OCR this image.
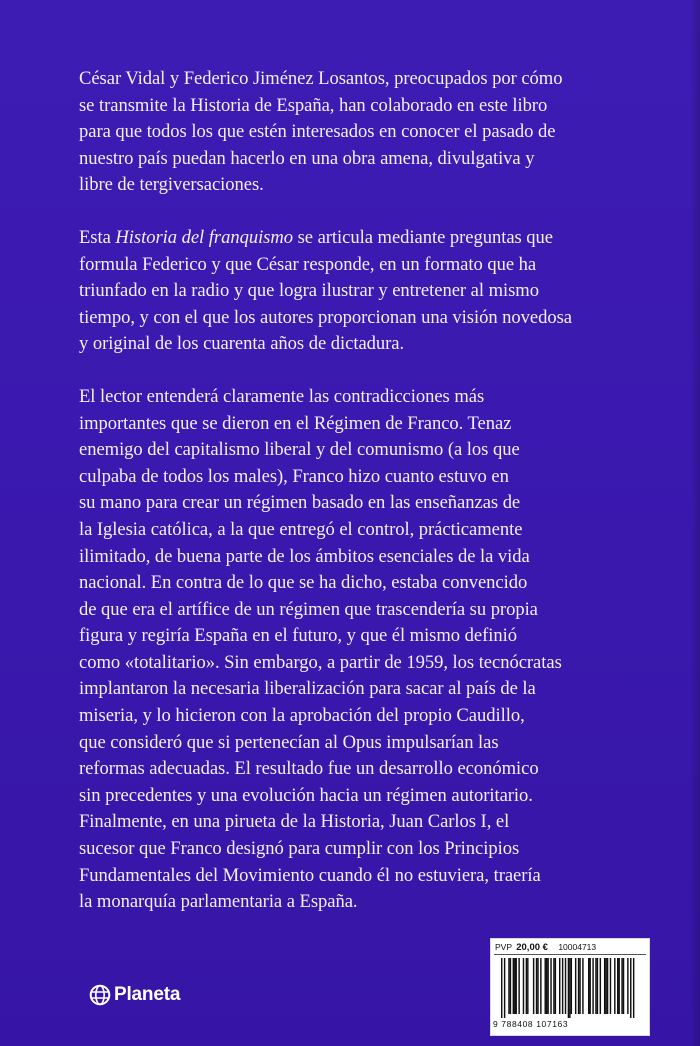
César Vidal y Federico Jiménez Losantos, preocupados por cómo
se transmite la Historia de España, han colaborado en este libro
para que todos los que estén interesados en conocer el pasado de
nuestro país puedan hacerlo en una obra amena, divulgativa y
libre de tergiversaciones.

Esta Historia del franquismo se articula mediante preguntas que
formula Federico y que César responde, en un formato que ha
triunfado en la radio y que logra ilustrar y entretener al mismo
tiempo, y con el que los autores proporcionan una visión novedosa
y original de los cuarenta años de dictadura.

El lector entenderá claramente las contradicciones más
importantes que se dieron en el Régimen de Franco. Tenaz
enemigo del capitalismo liberal y del comunismo (a los que
culpaba de todos los males), Franco hizo cuanto estuvo en
su mano para crear un régimen basado en las enseñanzas de
la Iglesia católica, a la que entregó el control, prácticamente
ilimitado, de buena parte de los ámbitos esenciales de la vida
nacional. En contra de lo que se ha dicho, estaba convencido
de que era el artífice de un régimen que trascendería su propia
figura y regiría España en el futuro, y que él mismo definió
como «totalitario». Sin embargo, a partir de 1959, los tecnócratas
implantaron la necesaria liberalización para sacar al país de la
miseria, y lo hicieron con la aprobación del propio Caudillo,
que consideró que si pertenecían al Opus impulsarían las
reformas adecuadas. El resultado fue un desarrollo económico
sin precedentes y una evolución hacia un régimen autoritario.
Finalmente, en una pirueta de la Historia, Juan Carlos I, el
sucesor que Franco designó para cumplir con los Principios
Fundamentales del Movimiento cuando él no estuviera, traería
la monarquía parlamentaria a España.

Planeta
PVP 20,00 € 10004713
9 788408 107163
